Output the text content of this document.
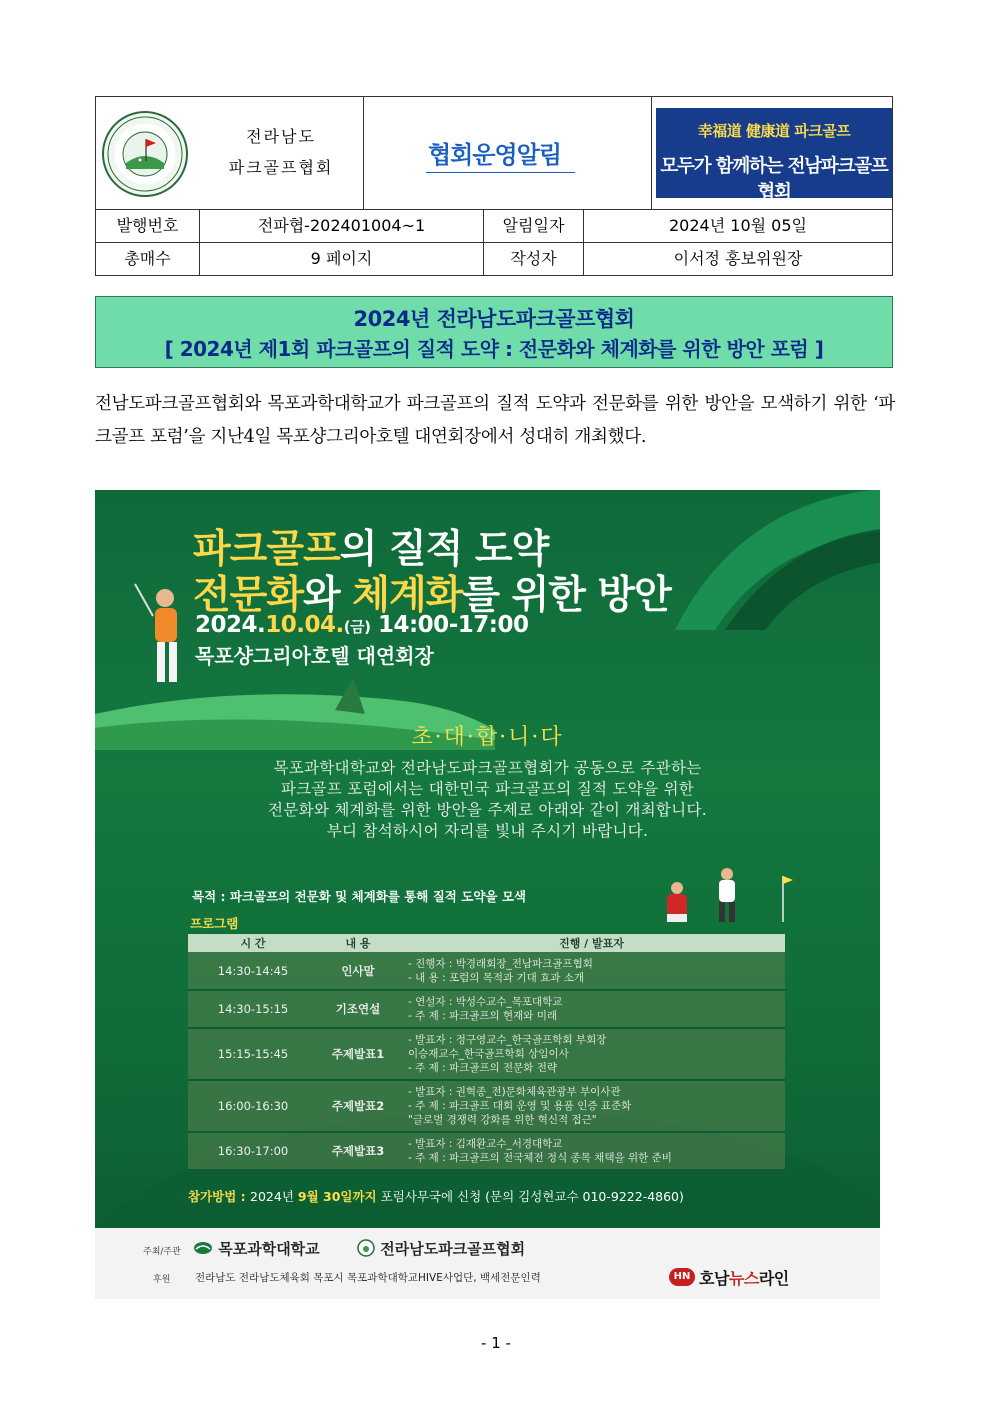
전라남도
파크골프협회	협회운영알림
幸福道 健康道 파크골프
모두가 함께하는 전남파크골프협회
발행번호	전파협-202401004~1	알림일자	2024년 10월 05일
총매수	9 페이지	작성자	이서정 홍보위원장
2024년 전라남도파크골프협회
[ 2024년 제1회 파크골프의 질적 도약 : 전문화와 체계화를 위한 방안 포럼 ]
전남도파크골프협회와 목포과학대학교가 파크골프의 질적 도약과 전문화를 위한 방안을 모색하기 위한 ‘파크골프 포럼’을 지난4일 목포샹그리아호텔 대연회장에서 성대히 개최했다.
파크골프의 질적 도약
전문화와 체계화를 위한 방안
2024.10.04.(금) 14:00-17:00
목포샹그리아호텔 대연회장
초·대·합·니·다
목포과학대학교와 전라남도파크골프협회가 공동으로 주관하는
파크골프 포럼에서는 대한민국 파크골프의 질적 도약을 위한
전문화와 체계화를 위한 방안을 주제로 아래와 같이 개최합니다.
부디 참석하시어 자리를 빛내 주시기 바랍니다.
목적 : 파크골프의 전문화 및 체계화를 통해 질적 도약을 모색
프로그램
시 간	내 용	진행 / 발표자
14:30-14:45	인사말	- 진행자 : 박경래회장_전남파크골프협회
- 내 용 : 포럼의 목적과 기대 효과 소개

14:30-15:15	기조연설	- 연설자 : 박성수교수_목포대학교
- 주 제 : 파크골프의 현재와 미래

15:15-15:45	주제발표1	- 발표자 : 정구영교수_한국골프학회 부회장
이승재교수_한국골프학회 상임이사
- 주 제 : 파크골프의 전문화 전략

16:00-16:30	주제발표2	- 발표자 : 권혁종_전)문화체육관광부 부이사관
- 주 제 : 파크골프 대회 운영 및 용품 인증 표준화
"글로벌 경쟁력 강화를 위한 혁신적 접근"

16:30-17:00	주제발표3	- 발표자 : 김재환교수_서경대학교
- 주 제 : 파크골프의 전국체전 정식 종목 채택을 위한 준비
참가방법 : 2024년 9월 30일까지 포럼사무국에 신청 (문의 김성현교수 010-9222-4860)
주최/주관	목포과학대학교	전라남도파크골프협회
후원 전라남도 전라남도체육회 목포시 목포과학대학교HIVE사업단, 백세전문인력	HN 호남뉴스라인
- 1 -
